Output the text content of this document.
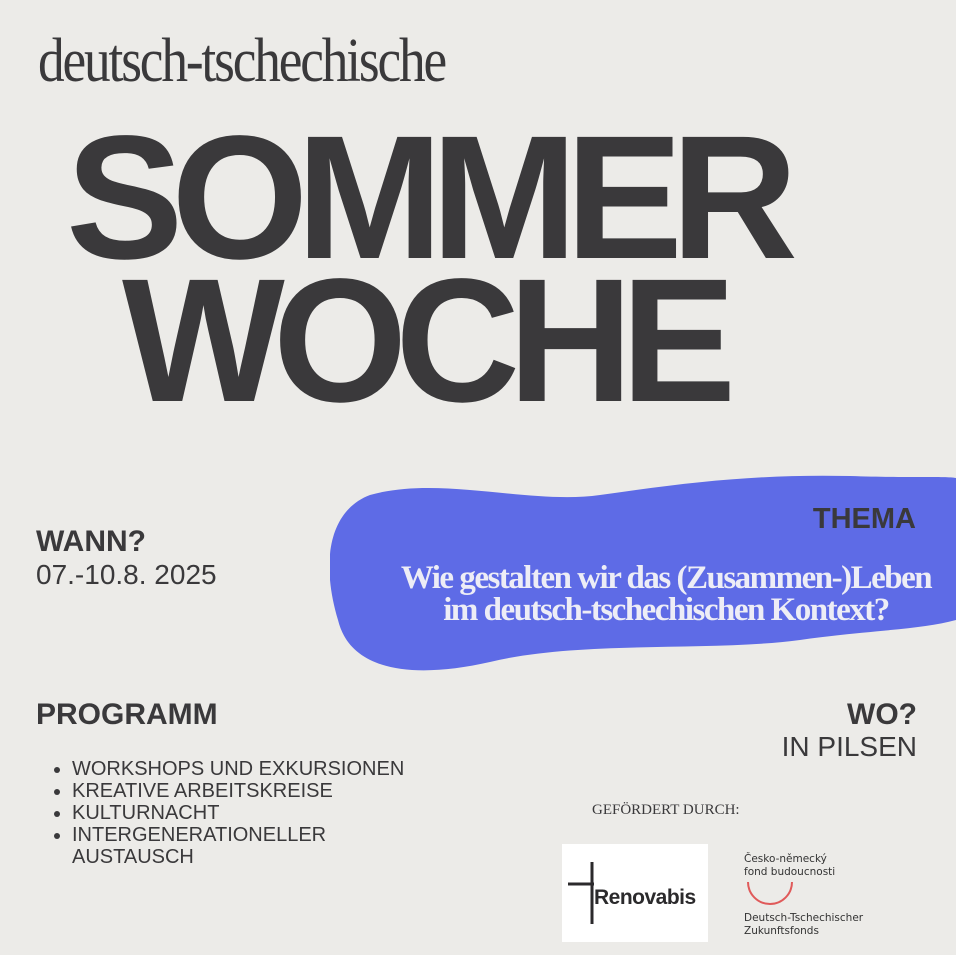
deutsch-tschechische
SOMMER
WOCHE
THEMA
Wie gestalten wir das (Zusammen-)Leben
im deutsch-tschechischen Kontext?
WANN?
07.-10.8. 2025
PROGRAMM
• WORKSHOPS UND EXKURSIONEN
• KREATIVE ARBEITSKREISE
• KULTURNACHT
• INTERGENERATIONELLER AUSTAUSCH
WO?
IN PILSEN
GEFÖRDERT DURCH:
Renovabis
Česko-německý
fond budoucnosti
Deutsch-Tschechischer
Zukunftsfonds
